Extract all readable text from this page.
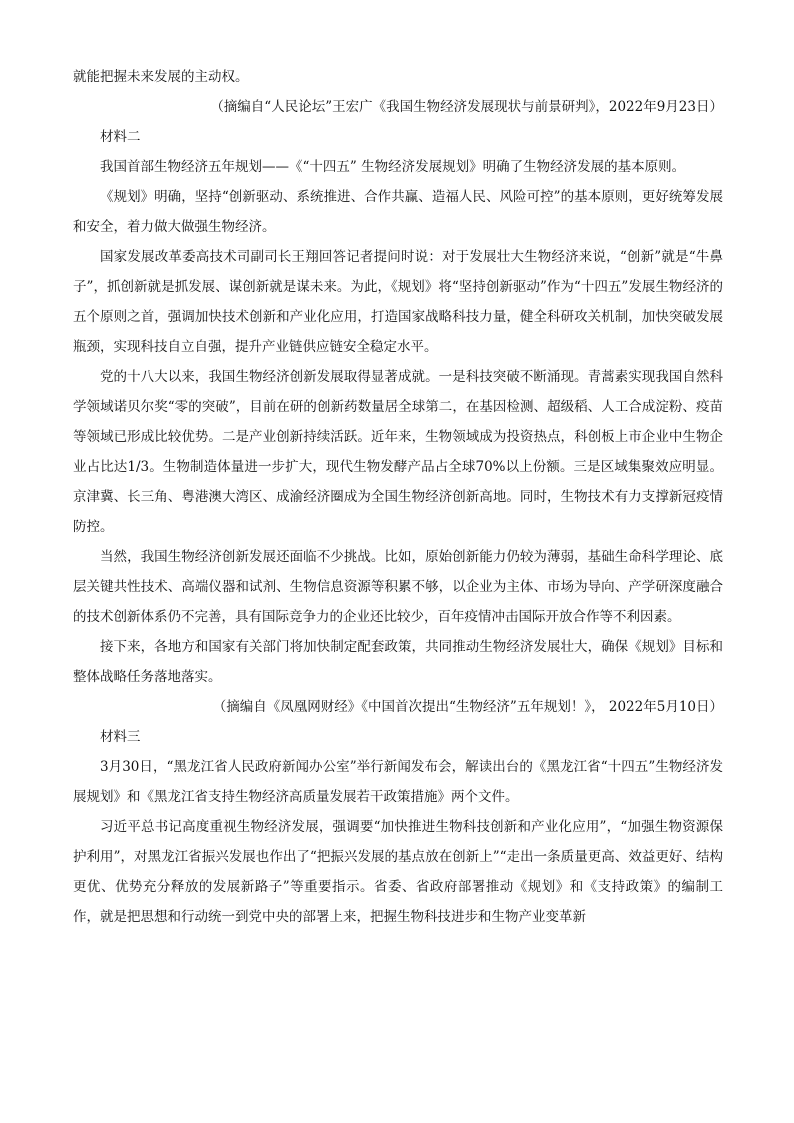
就能把握未来发展的主动权。

（摘编自“人民论坛”王宏广《我国生物经济发展现状与前景研判》，2022年9月23日）

材料二

我国首部生物经济五年规划——《“十四五” 生物经济发展规划》明确了生物经济发展的基本原则。

《规划》明确，坚持“创新驱动、系统推进、合作共赢、造福人民、风险可控”的基本原则，更好统筹发展和安全，着力做大做强生物经济。

国家发展改革委高技术司副司长王翔回答记者提问时说：对于发展壮大生物经济来说，“创新”就是“牛鼻子”，抓创新就是抓发展、谋创新就是谋未来。为此，《规划》将“坚持创新驱动”作为“十四五”发展生物经济的五个原则之首，强调加快技术创新和产业化应用，打造国家战略科技力量，健全科研攻关机制，加快突破发展瓶颈，实现科技自立自强，提升产业链供应链安全稳定水平。

党的十八大以来，我国生物经济创新发展取得显著成就。一是科技突破不断涌现。青蒿素实现我国自然科学领域诺贝尔奖“零的突破”，目前在研的创新药数量居全球第二，在基因检测、超级稻、人工合成淀粉、疫苗等领域已形成比较优势。二是产业创新持续活跃。近年来，生物领域成为投资热点，科创板上市企业中生物企业占比达1/3。生物制造体量进一步扩大，现代生物发酵产品占全球70%以上份额。三是区域集聚效应明显。京津冀、长三角、粤港澳大湾区、成渝经济圈成为全国生物经济创新高地。同时，生物技术有力支撑新冠疫情防控。

当然，我国生物经济创新发展还面临不少挑战。比如，原始创新能力仍较为薄弱，基础生命科学理论、底层关键共性技术、高端仪器和试剂、生物信息资源等积累不够，以企业为主体、市场为导向、产学研深度融合的技术创新体系仍不完善，具有国际竞争力的企业还比较少，百年疫情冲击国际开放合作等不利因素。

接下来，各地方和国家有关部门将加快制定配套政策，共同推动生物经济发展壮大，确保《规划》目标和整体战略任务落地落实。

（摘编自《凤凰网财经》《中国首次提出“生物经济”五年规划！》， 2022年5月10日）

材料三

3月30日，“黑龙江省人民政府新闻办公室”举行新闻发布会，解读出台的《黑龙江省“十四五”生物经济发展规划》和《黑龙江省支持生物经济高质量发展若干政策措施》两个文件。

习近平总书记高度重视生物经济发展，强调要“加快推进生物科技创新和产业化应用”，“加强生物资源保护利用”，对黑龙江省振兴发展也作出了“把振兴发展的基点放在创新上”“走出一条质量更高、效益更好、结构更优、优势充分释放的发展新路子”等重要指示。省委、省政府部署推动《规划》和《支持政策》的编制工作，就是把思想和行动统一到党中央的部署上来，把握生物科技进步和生物产业变革新
